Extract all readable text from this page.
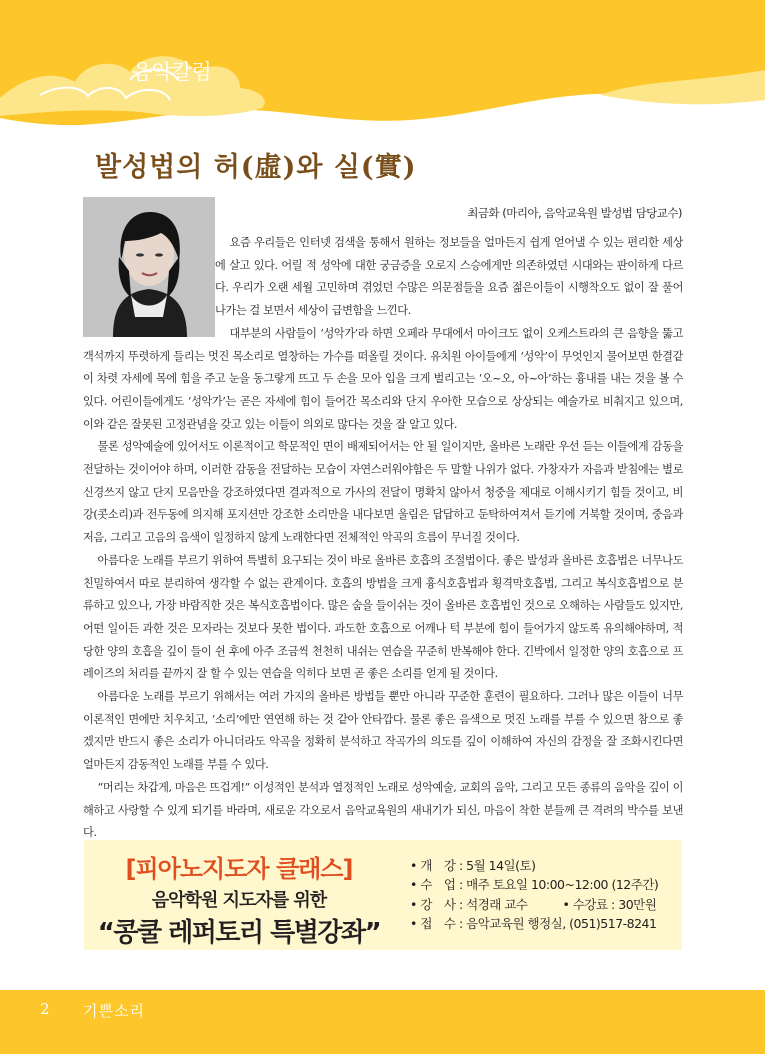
음악칼럼
발성법의 허(虛)와 실(實)
최금화 (마리아, 음악교육원 발성법 담당교수)

요즘 우리들은 인터넷 검색을 통해서 원하는 정보들을 얼마든지 쉽게 얻어낼 수 있는 편리한 세상에 살고 있다. 어릴 적 성악에 대한 궁금증을 오로지 스승에게만 의존하였던 시대와는 판이하게 다르다. 우리가 오랜 세월 고민하며 겪었던 수많은 의문점들을 요즘 젊은이들이 시행착오도 없이 잘 풀어나가는 걸 보면서 세상이 급변함을 느낀다.

대부분의 사람들이 ‘성악가’라 하면 오페라 무대에서 마이크도 없이 오케스트라의 큰 음향을 뚫고 객석까지 뚜렷하게 들리는 멋진 목소리로 열창하는 가수를 떠올릴 것이다. 유치원 아이들에게 ‘성악’이 무엇인지 물어보면 한결같이 차렷 자세에 목에 힘을 주고 눈을 동그랗게 뜨고 두 손을 모아 입을 크게 벌리고는 ‘오~오, 아~아’하는 흉내를 내는 것을 볼 수 있다. 어린이들에게도 ‘성악가’는 곧은 자세에 힘이 들어간 목소리와 단지 우아한 모습으로 상상되는 예술가로 비춰지고 있으며, 이와 같은 잘못된 고정관념을 갖고 있는 이들이 의외로 많다는 것을 잘 알고 있다.

물론 성악예술에 있어서도 이론적이고 학문적인 면이 배제되어서는 안 될 일이지만, 올바른 노래란 우선 듣는 이들에게 감동을 전달하는 것이어야 하며, 이러한 감동을 전달하는 모습이 자연스러워야함은 두 말할 나위가 없다. 가창자가 자음과 받침에는 별로 신경쓰지 않고 단지 모음만을 강조하였다면 결과적으로 가사의 전달이 명확치 않아서 청중을 제대로 이해시키기 힘들 것이고, 비강(콧소리)과 전두동에 의지해 포지션만 강조한 소리만을 내다보면 울림은 답답하고 둔탁하여져서 듣기에 거북할 것이며, 중음과 저음, 그리고 고음의 음색이 일정하지 않게 노래한다면 전체적인 악곡의 흐름이 무너질 것이다.

아름다운 노래를 부르기 위하여 특별히 요구되는 것이 바로 올바른 호흡의 조절법이다. 좋은 발성과 올바른 호흡법은 너무나도 친밀하여서 따로 분리하여 생각할 수 없는 관계이다. 호흡의 방법을 크게 흉식호흡법과 횡격막호흡법, 그리고 복식호흡법으로 분류하고 있으나, 가장 바람직한 것은 복식호흡법이다. 많은 숨을 들이쉬는 것이 올바른 호흡법인 것으로 오해하는 사람들도 있지만, 어떤 일이든 과한 것은 모자라는 것보다 못한 법이다. 과도한 호흡으로 어깨나 턱 부분에 힘이 들어가지 않도록 유의해야하며, 적당한 양의 호흡을 깊이 들이 쉰 후에 아주 조금씩 천천히 내쉬는 연습을 꾸준히 반복해야 한다. 긴박에서 일정한 양의 호흡으로 프레이즈의 처리를 끝까지 잘 할 수 있는 연습을 익히다 보면 곧 좋은 소리를 얻게 될 것이다.

아름다운 노래를 부르기 위해서는 여러 가지의 올바른 방법들 뿐만 아니라 꾸준한 훈련이 필요하다. 그러나 많은 이들이 너무 이론적인 면에만 치우치고, ‘소리’에만 연연해 하는 것 같아 안타깝다. 물론 좋은 음색으로 멋진 노래를 부를 수 있으면 참으로 좋겠지만 반드시 좋은 소리가 아니더라도 악곡을 정확히 분석하고 작곡가의 의도를 깊이 이해하여 자신의 감정을 잘 조화시킨다면 얼마든지 감동적인 노래를 부를 수 있다.

“머리는 차갑게, 마음은 뜨겁게!” 이성적인 분석과 열정적인 노래로 성악예술, 교회의 음악, 그리고 모든 종류의 음악을 깊이 이해하고 사랑할 수 있게 되기를 바라며, 새로운 각오로서 음악교육원의 새내기가 되신, 마음이 착한 분들께 큰 격려의 박수를 보낸다.

[피아노지도자 클래스]
음악학원 지도자를 위한
“콩쿨 레퍼토리 특별강좌”
• 개　강 : 5월 14일(토)
• 수　업 : 매주 토요일 10:00~12:00 (12주간)
• 강　사 : 석경래 교수	• 수강료 : 30만원
• 접　수 : 음악교육원 행정실, (051)517-8241
2 기쁜소리
